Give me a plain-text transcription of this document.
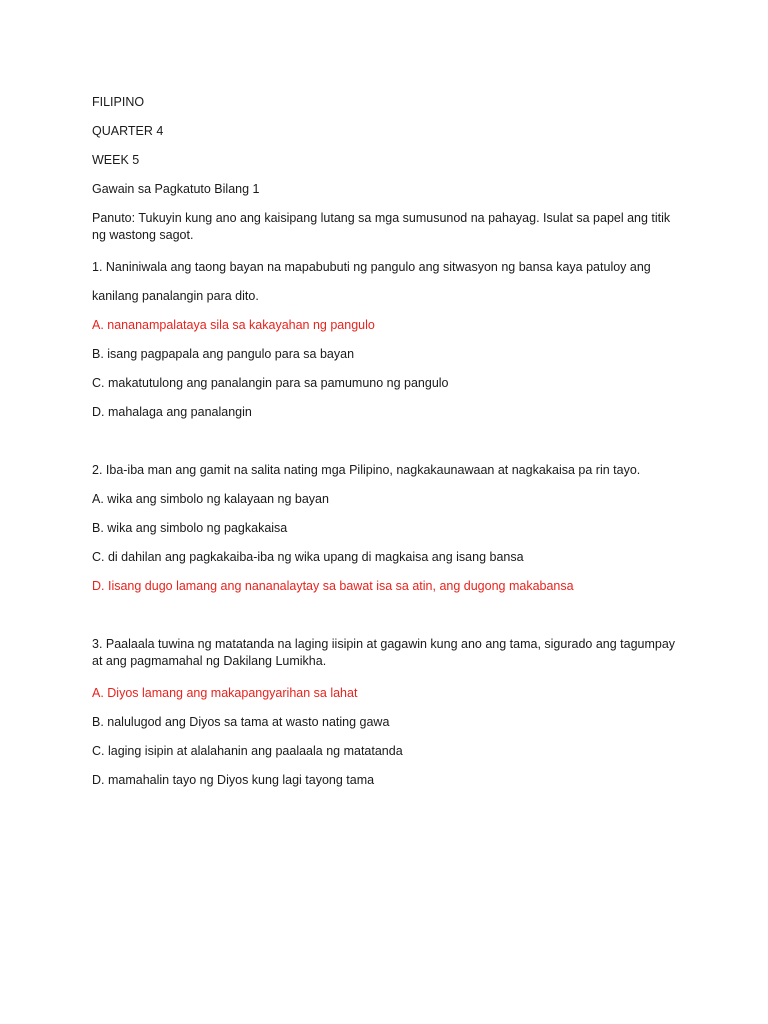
FILIPINO

QUARTER 4

WEEK 5

Gawain sa Pagkatuto Bilang 1

Panuto: Tukuyin kung ano ang kaisipang lutang sa mga sumusunod na pahayag. Isulat sa papel ang titik ng wastong sagot.

1. Naniniwala ang taong bayan na mapabubuti ng pangulo ang sitwasyon ng bansa kaya patuloy ang

kanilang panalangin para dito.

A. nananampalataya sila sa kakayahan ng pangulo

B. isang pagpapala ang pangulo para sa bayan

C. makatutulong ang panalangin para sa pamumuno ng pangulo

D. mahalaga ang panalangin

2. Iba-iba man ang gamit na salita nating mga Pilipino, nagkakaunawaan at nagkakaisa pa rin tayo.

A. wika ang simbolo ng kalayaan ng bayan

B. wika ang simbolo ng pagkakaisa

C. di dahilan ang pagkakaiba-iba ng wika upang di magkaisa ang isang bansa

D. Iisang dugo lamang ang nananalaytay sa bawat isa sa atin, ang dugong makabansa

3. Paalaala tuwina ng matatanda na laging iisipin at gagawin kung ano ang tama, sigurado ang tagumpay at ang pagmamahal ng Dakilang Lumikha.

A. Diyos lamang ang makapangyarihan sa lahat

B. nalulugod ang Diyos sa tama at wasto nating gawa

C. laging isipin at alalahanin ang paalaala ng matatanda

D. mamahalin tayo ng Diyos kung lagi tayong tama
